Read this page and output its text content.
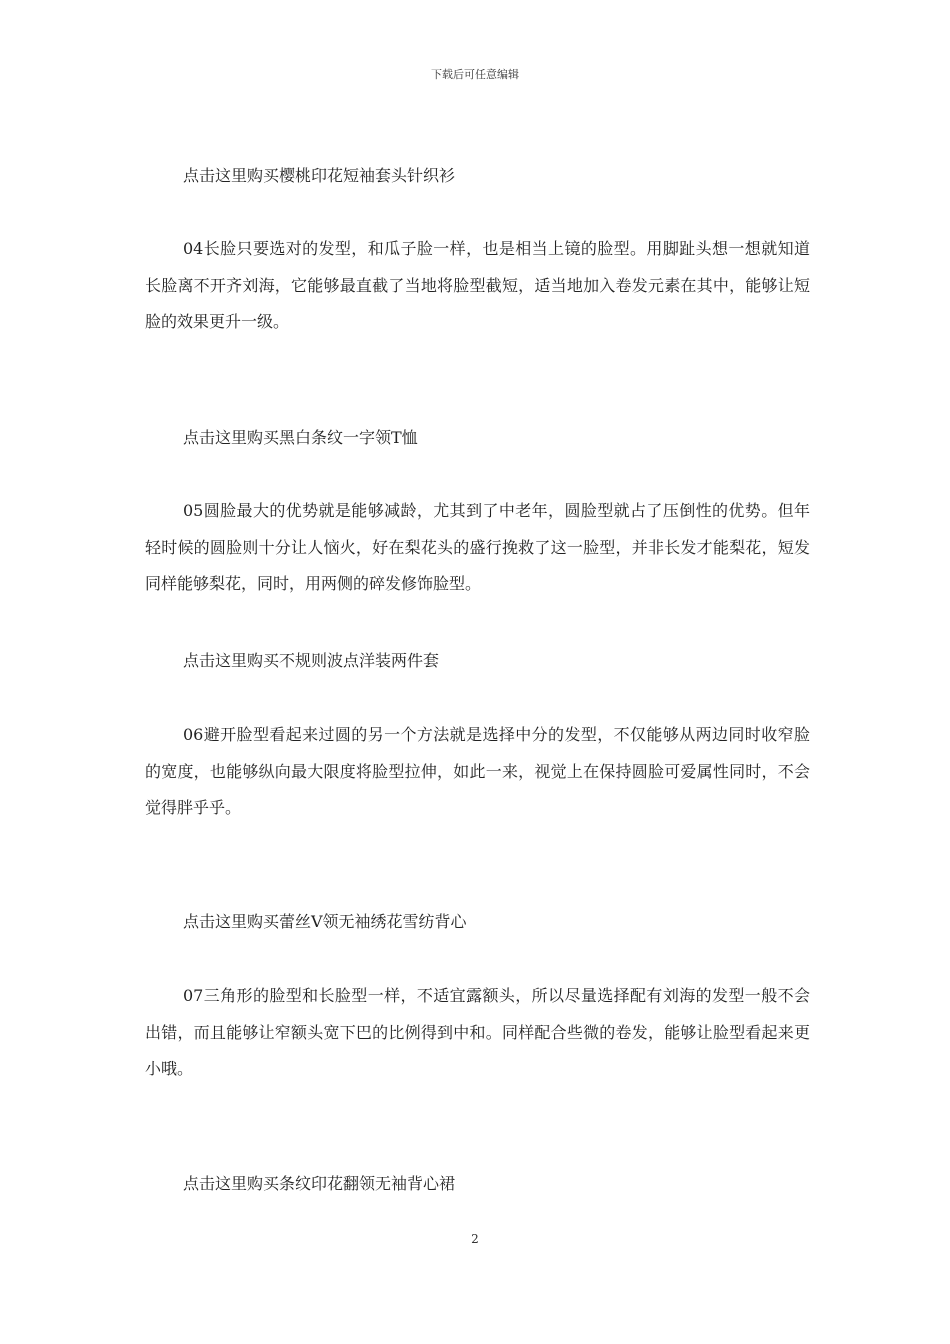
下载后可任意编辑
点击这里购买樱桃印花短袖套头针织衫
04长脸只要选对的发型，和瓜子脸一样，也是相当上镜的脸型。用脚趾头想一想就知道长脸离不开齐刘海，它能够最直截了当地将脸型截短，适当地加入卷发元素在其中，能够让短脸的效果更升一级。
点击这里购买黑白条纹一字领T恤
05圆脸最大的优势就是能够减龄，尤其到了中老年，圆脸型就占了压倒性的优势。但年轻时候的圆脸则十分让人恼火，好在梨花头的盛行挽救了这一脸型，并非长发才能梨花，短发同样能够梨花，同时，用两侧的碎发修饰脸型。
点击这里购买不规则波点洋装两件套
06避开脸型看起来过圆的另一个方法就是选择中分的发型，不仅能够从两边同时收窄脸的宽度，也能够纵向最大限度将脸型拉伸，如此一来，视觉上在保持圆脸可爱属性同时，不会觉得胖乎乎。
点击这里购买蕾丝V领无袖绣花雪纺背心
07三角形的脸型和长脸型一样，不适宜露额头，所以尽量选择配有刘海的发型一般不会出错，而且能够让窄额头宽下巴的比例得到中和。同样配合些微的卷发，能够让脸型看起来更小哦。
点击这里购买条纹印花翻领无袖背心裙
2
